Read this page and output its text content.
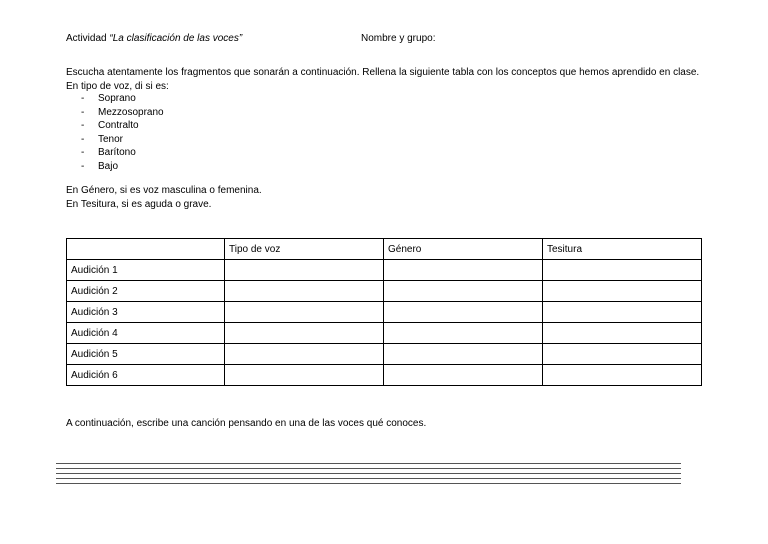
Actividad “La clasificación de las voces”	Nombre y grupo:

Escucha atentamente los fragmentos que sonarán a continuación. Rellena la siguiente tabla con los conceptos que hemos aprendido en clase.

En tipo de voz, di si es:

- Soprano
- Mezzosoprano
- Contralto
- Tenor
- Barítono
- Bajo

En Género, si es voz masculina o femenina.

En Tesitura, si es aguda o grave.

	Tipo de voz	Género	Tesitura
Audición 1			
Audición 2			
Audición 3			
Audición 4			
Audición 5			
Audición 6			
A continuación, escribe una canción pensando en una de las voces qué conoces.
